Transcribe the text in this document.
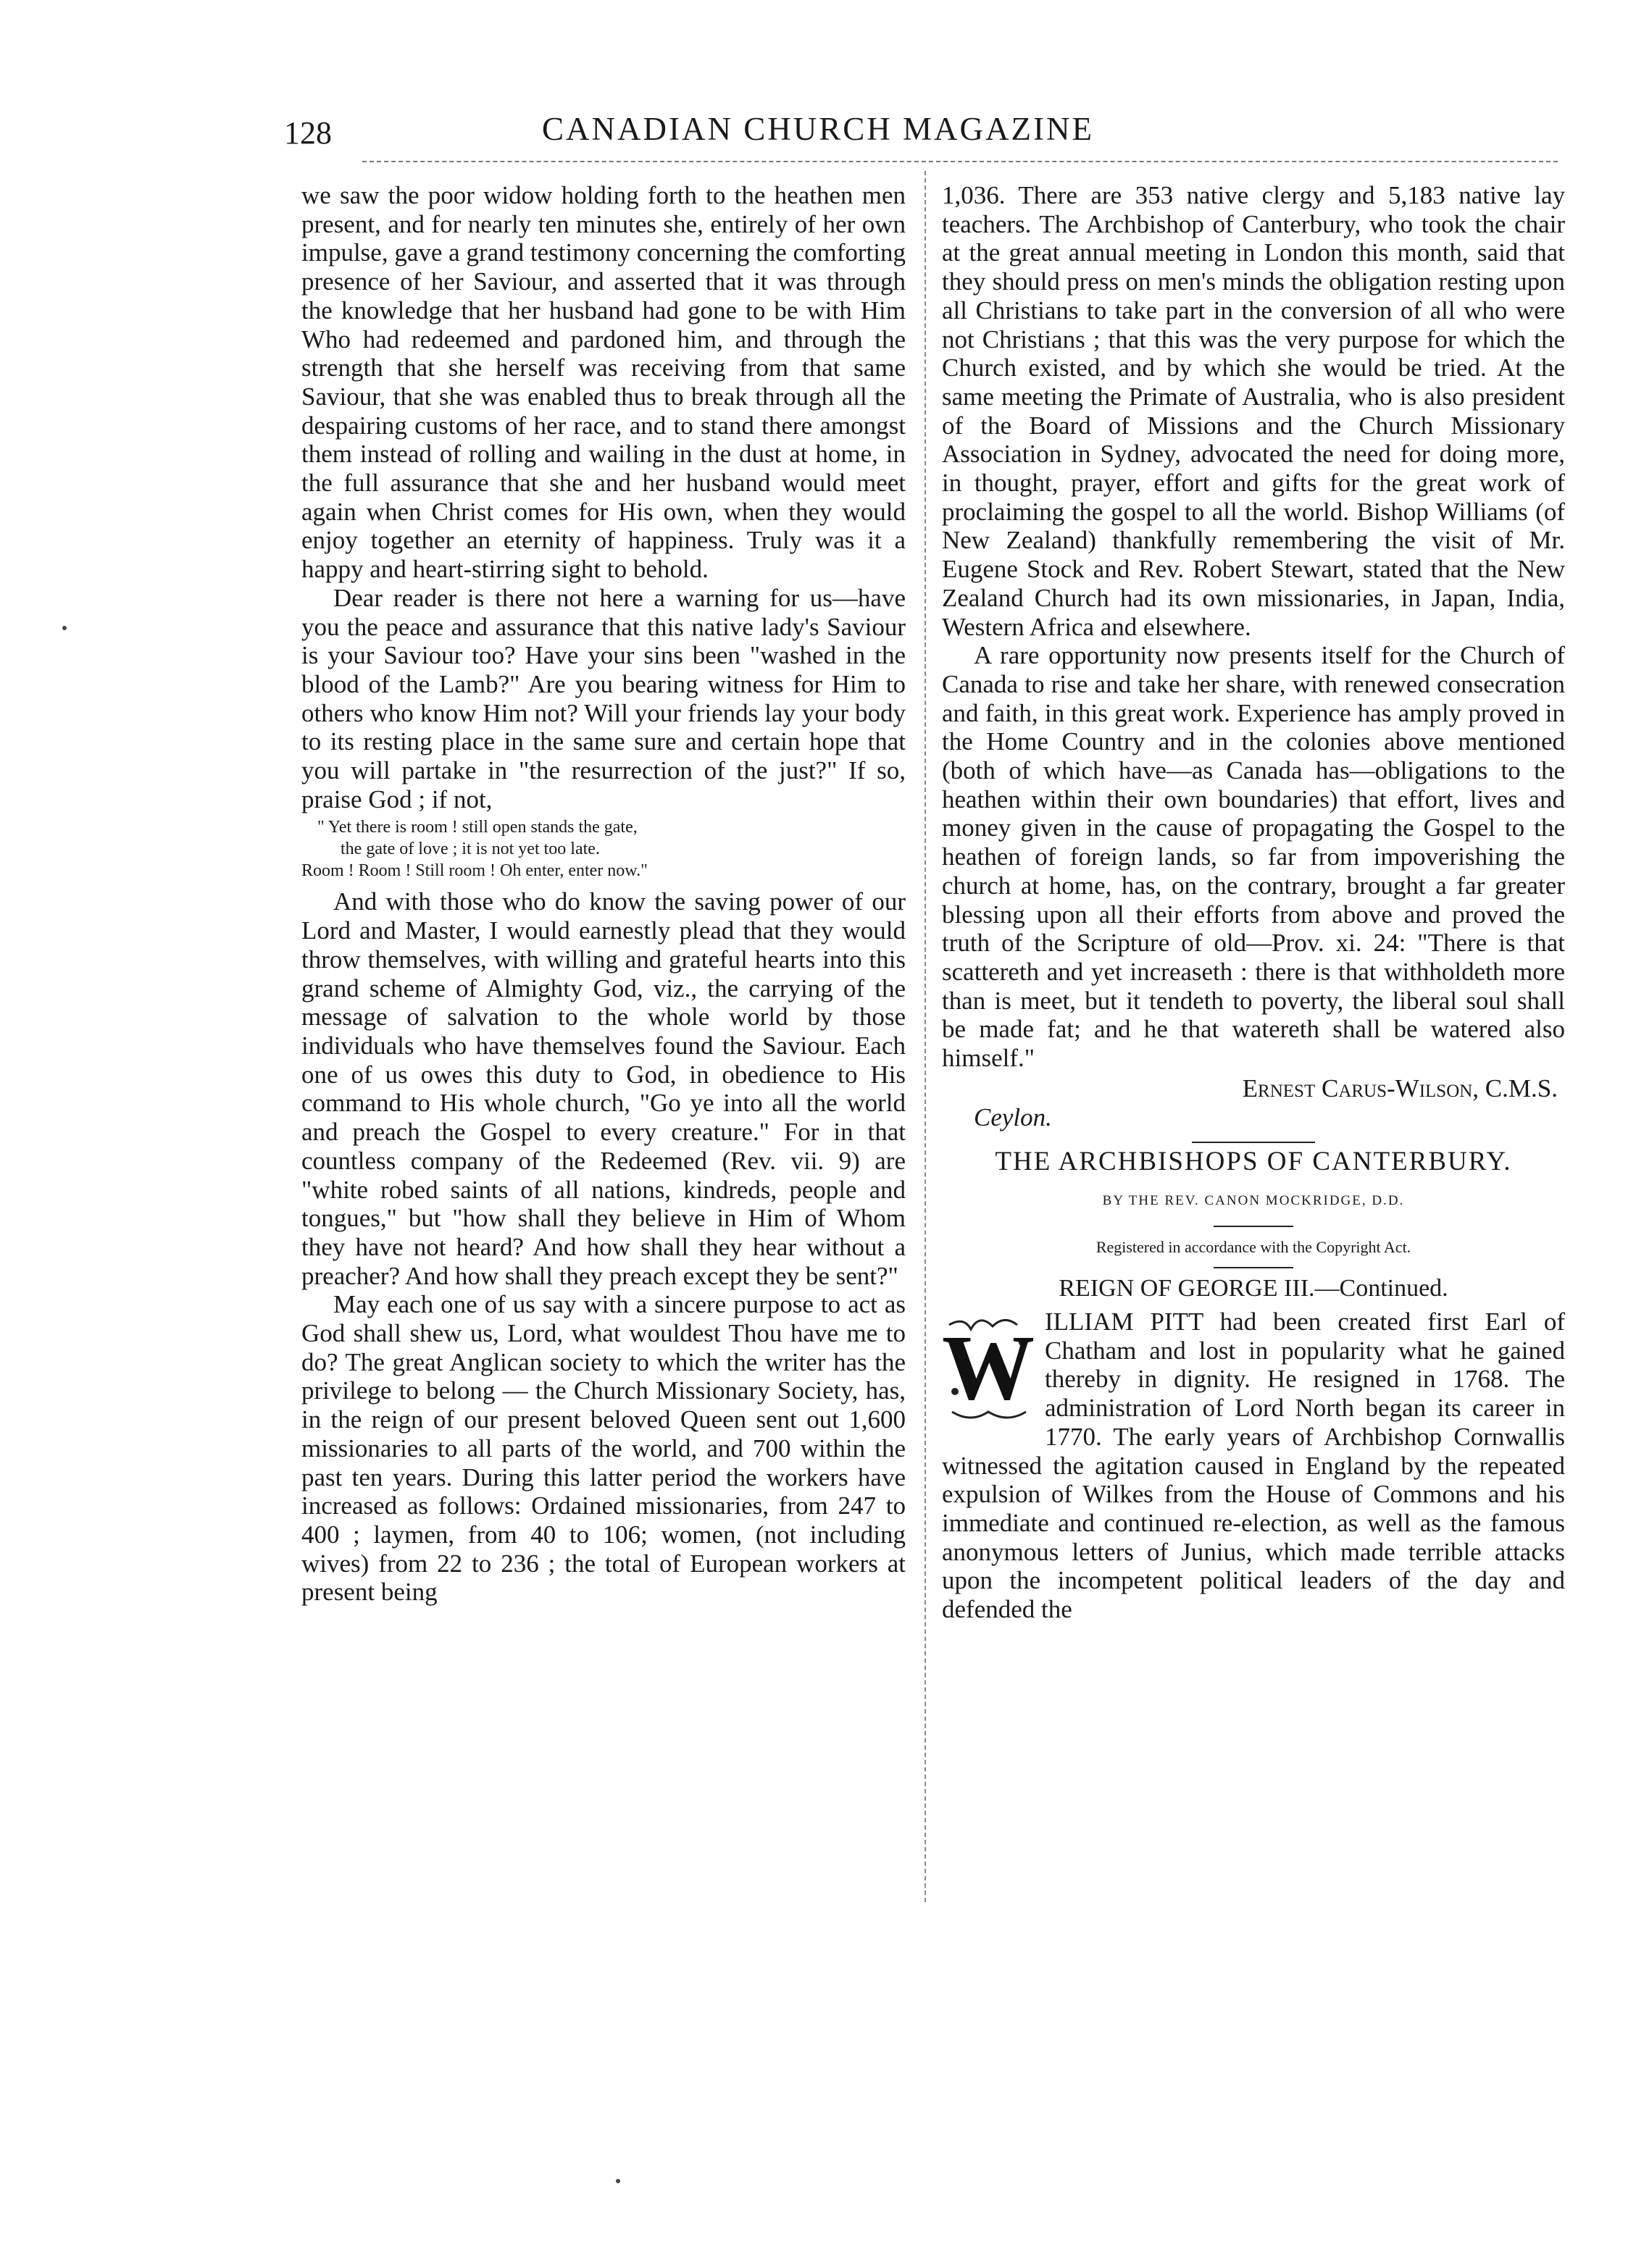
128	CANADIAN CHURCH MAGAZINE

we saw the poor widow holding forth to the heathen men present, and for nearly ten minutes she, entirely of her own impulse, gave a grand testimony concerning the comforting presence of her Saviour, and asserted that it was through the knowledge that her husband had gone to be with Him Who had redeemed and pardoned him, and through the strength that she herself was receiving from that same Saviour, that she was enabled thus to break through all the despairing customs of her race, and to stand there amongst them instead of rolling and wailing in the dust at home, in the full assurance that she and her husband would meet again when Christ comes for His own, when they would enjoy together an eternity of happiness. Truly was it a happy and heart-stirring sight to behold.

Dear reader is there not here a warning for us—have you the peace and assurance that this native lady's Saviour is your Saviour too? Have your sins been "washed in the blood of the Lamb?" Are you bearing witness for Him to others who know Him not? Will your friends lay your body to its resting place in the same sure and certain hope that you will partake in "the resurrection of the just?" If so, praise God ; if not,

" Yet there is room ! still open stands the gate,
the gate of love ; it is not yet too late.
Room ! Room ! Still room ! Oh enter, enter now."

And with those who do know the saving power of our Lord and Master, I would earnestly plead that they would throw themselves, with willing and grateful hearts into this grand scheme of Almighty God, viz., the carrying of the message of salvation to the whole world by those individuals who have themselves found the Saviour. Each one of us owes this duty to God, in obedience to His command to His whole church, "Go ye into all the world and preach the Gospel to every creature." For in that countless company of the Redeemed (Rev. vii. 9) are "white robed saints of all nations, kindreds, people and tongues," but "how shall they believe in Him of Whom they have not heard? And how shall they hear without a preacher? And how shall they preach except they be sent?"

May each one of us say with a sincere purpose to act as God shall shew us, Lord, what wouldest Thou have me to do? The great Anglican society to which the writer has the privilege to belong — the Church Missionary Society, has, in the reign of our present beloved Queen sent out 1,600 missionaries to all parts of the world, and 700 within the past ten years. During this latter period the workers have increased as follows: Ordained missionaries, from 247 to 400 ; laymen, from 40 to 106; women, (not including wives) from 22 to 236 ; the total of European workers at present being

1,036. There are 353 native clergy and 5,183 native lay teachers. The Archbishop of Canterbury, who took the chair at the great annual meeting in London this month, said that they should press on men's minds the obligation resting upon all Christians to take part in the conversion of all who were not Christians ; that this was the very purpose for which the Church existed, and by which she would be tried. At the same meeting the Primate of Australia, who is also president of the Board of Missions and the Church Missionary Association in Sydney, advocated the need for doing more, in thought, prayer, effort and gifts for the great work of proclaiming the gospel to all the world. Bishop Williams (of New Zealand) thankfully remembering the visit of Mr. Eugene Stock and Rev. Robert Stewart, stated that the New Zealand Church had its own missionaries, in Japan, India, Western Africa and elsewhere.

A rare opportunity now presents itself for the Church of Canada to rise and take her share, with renewed consecration and faith, in this great work. Experience has amply proved in the Home Country and in the colonies above mentioned (both of which have—as Canada has—obligations to the heathen within their own boundaries) that effort, lives and money given in the cause of propagating the Gospel to the heathen of foreign lands, so far from impoverishing the church at home, has, on the contrary, brought a far greater blessing upon all their efforts from above and proved the truth of the Scripture of old—Prov. xi. 24: "There is that scattereth and yet increaseth : there is that withholdeth more than is meet, but it tendeth to poverty, the liberal soul shall be made fat; and he that watereth shall be watered also himself."

Ernest Carus-Wilson, C.M.S.

Ceylon.

THE ARCHBISHOPS OF CANTERBURY.

BY THE REV. CANON MOCKRIDGE, D.D.

Registered in accordance with the Copyright Act.

REIGN OF GEORGE III.—Continued.

W ILLIAM PITT had been created first Earl of Chatham and lost in popularity what he gained thereby in dignity. He resigned in 1768. The administration of Lord North began its career in 1770. The early years of Archbishop Cornwallis witnessed the agitation caused in England by the repeated expulsion of Wilkes from the House of Commons and his immediate and continued re-election, as well as the famous anonymous letters of Junius, which made terrible attacks upon the incompetent political leaders of the day and defended the
